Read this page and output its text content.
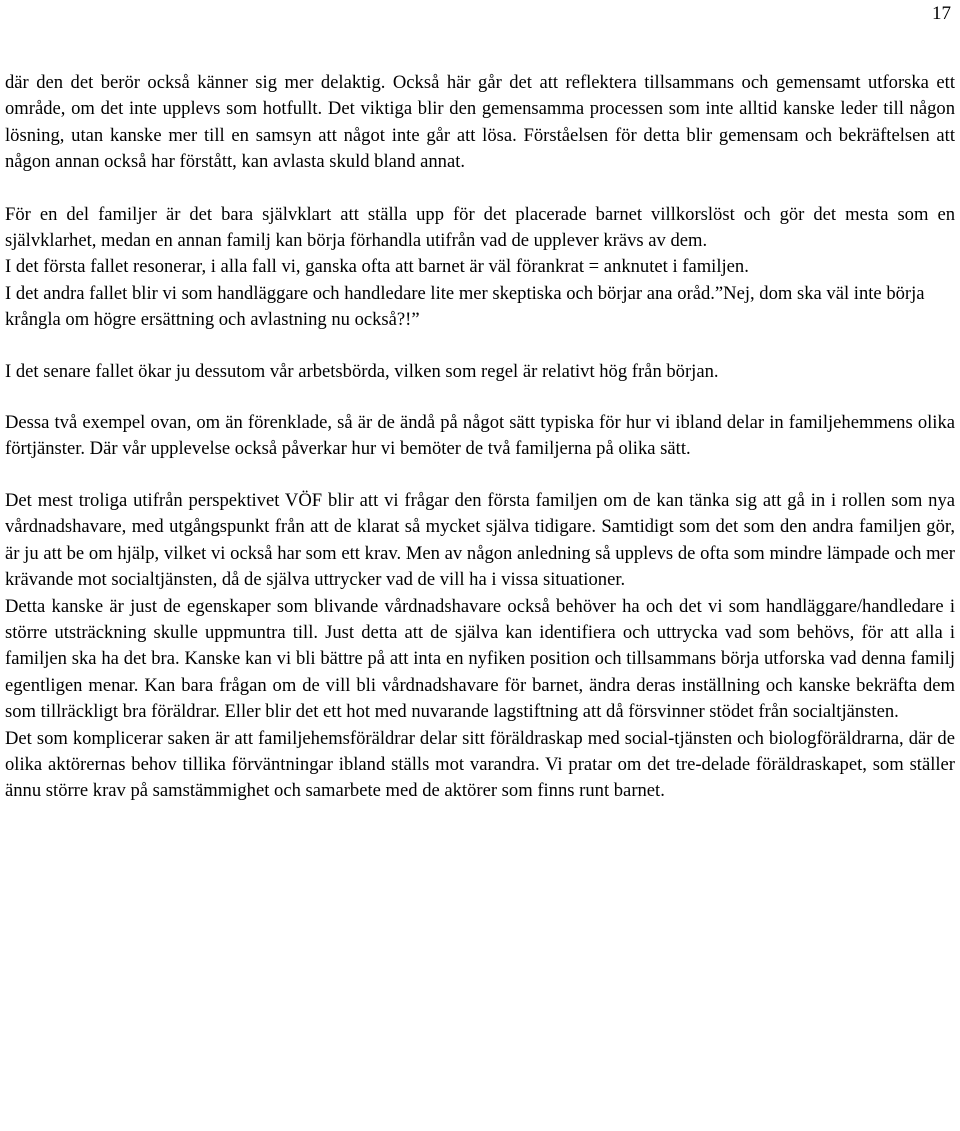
17

där den det berör också känner sig mer delaktig. Också här går det att reflektera tillsammans och gemensamt utforska ett område, om det inte upplevs som hotfullt. Det viktiga blir den gemensamma processen som inte alltid kanske leder till någon lösning, utan kanske mer till en samsyn att något inte går att lösa. Förståelsen för detta blir gemensam och bekräftelsen att någon annan också har förstått, kan avlasta skuld bland annat.

För en del familjer är det bara självklart att ställa upp för det placerade barnet villkorslöst och gör det mesta som en självklarhet, medan en annan familj kan börja förhandla utifrån vad de upplever krävs av dem.

I det första fallet resonerar, i alla fall vi, ganska ofta att barnet är väl förankrat = anknutet i familjen.

I det andra fallet blir vi som handläggare och handledare lite mer skeptiska och börjar ana oråd.”Nej, dom ska väl inte börja krångla om högre ersättning och avlastning nu också?!”

I det senare fallet ökar ju dessutom vår arbetsbörda, vilken som regel är relativt hög från början.

Dessa två exempel ovan, om än förenklade, så är de ändå på något sätt typiska för hur vi ibland delar in familjehemmens olika förtjänster. Där vår upplevelse också påverkar hur vi bemöter de två familjerna på olika sätt.

Det mest troliga utifrån perspektivet VÖF blir att vi frågar den första familjen om de kan tänka sig att gå in i rollen som nya vårdnadshavare, med utgångspunkt från att de klarat så mycket själva tidigare. Samtidigt som det som den andra familjen gör, är ju att be om hjälp, vilket vi också har som ett krav. Men av någon anledning så upplevs de ofta som mindre lämpade och mer krävande mot socialtjänsten, då de själva uttrycker vad de vill ha i vissa situationer.

Detta kanske är just de egenskaper som blivande vårdnadshavare också behöver ha och det vi som handläggare/handledare i större utsträckning skulle uppmuntra till. Just detta att de själva kan identifiera och uttrycka vad som behövs, för att alla i familjen ska ha det bra. Kanske kan vi bli bättre på att inta en nyfiken position och tillsammans börja utforska vad denna familj egentligen menar. Kan bara frågan om de vill bli vårdnadshavare för barnet, ändra deras inställning och kanske bekräfta dem som tillräckligt bra föräldrar. Eller blir det ett hot med nuvarande lagstiftning att då försvinner stödet från socialtjänsten.

Det som komplicerar saken är att familjehemsföräldrar delar sitt föräldraskap med social-tjänsten och biologföräldrarna, där de olika aktörernas behov tillika förväntningar ibland ställs mot varandra. Vi pratar om det tre-delade föräldraskapet, som ställer ännu större krav på samstämmighet och samarbete med de aktörer som finns runt barnet.
